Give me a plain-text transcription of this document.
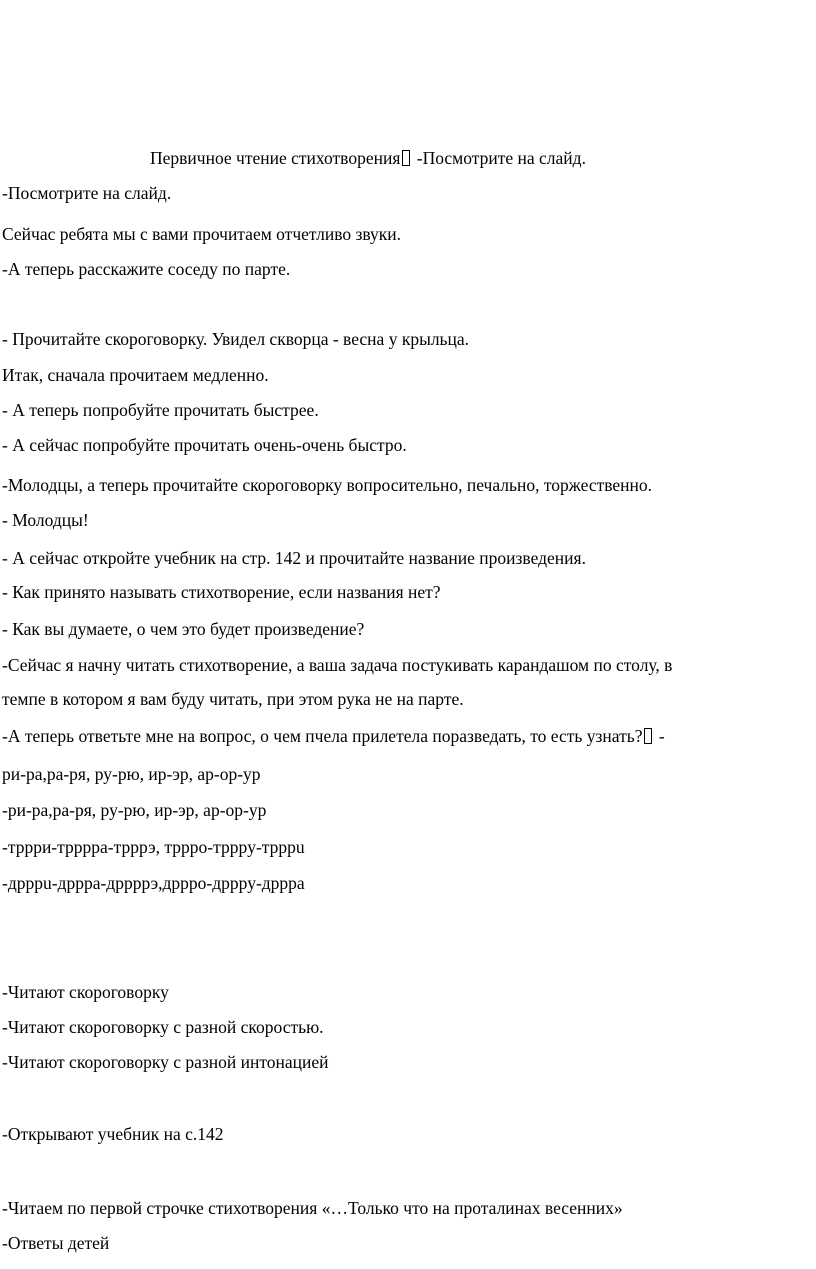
Первичное чтение стихотворения -Посмотрите на слайд.
-Посмотрите на слайд.
Сейчас ребята мы с вами прочитаем отчетливо звуки.
-А теперь расскажите соседу по парте.
- Прочитайте скороговорку. Увидел скворца - весна у крыльца.
Итак, сначала прочитаем медленно.
- А теперь попробуйте прочитать быстрее.
- А сейчас попробуйте прочитать очень-очень быстро.
-Молодцы, а теперь прочитайте скороговорку вопросительно, печально, торжественно.
- Молодцы!
- А сейчас откройте учебник на стр. 142 и прочитайте название произведения.
- Как принято называть стихотворение, если названия нет?
- Как вы думаете, о чем это будет произведение?
-Сейчас я начну читать стихотворение, а ваша задача постукивать карандашом по столу, в
темпе в котором я вам буду читать, при этом рука не на парте.
-А теперь ответьте мне на вопрос, о чем пчела прилетела поразведать, то есть узнать? -
ри-ра,ра-ря, ру-рю, ир-эр, ар-ор-ур
-ри-ра,ра-ря, ру-рю, ир-эр, ар-ор-ур
-тррри-трррра-трррэ, трррo-трррy-трррu
-дрррu-дррра-дррррэ,дррро-дррру-дррра
-Читают скороговорку
-Читают скороговорку с разной скоростью.
-Читают скороговорку с разной интонацией
-Открывают учебник на с.142
-Читаем по первой строчке стихотворения «…Только что на проталинах весенних»
-Ответы детей
